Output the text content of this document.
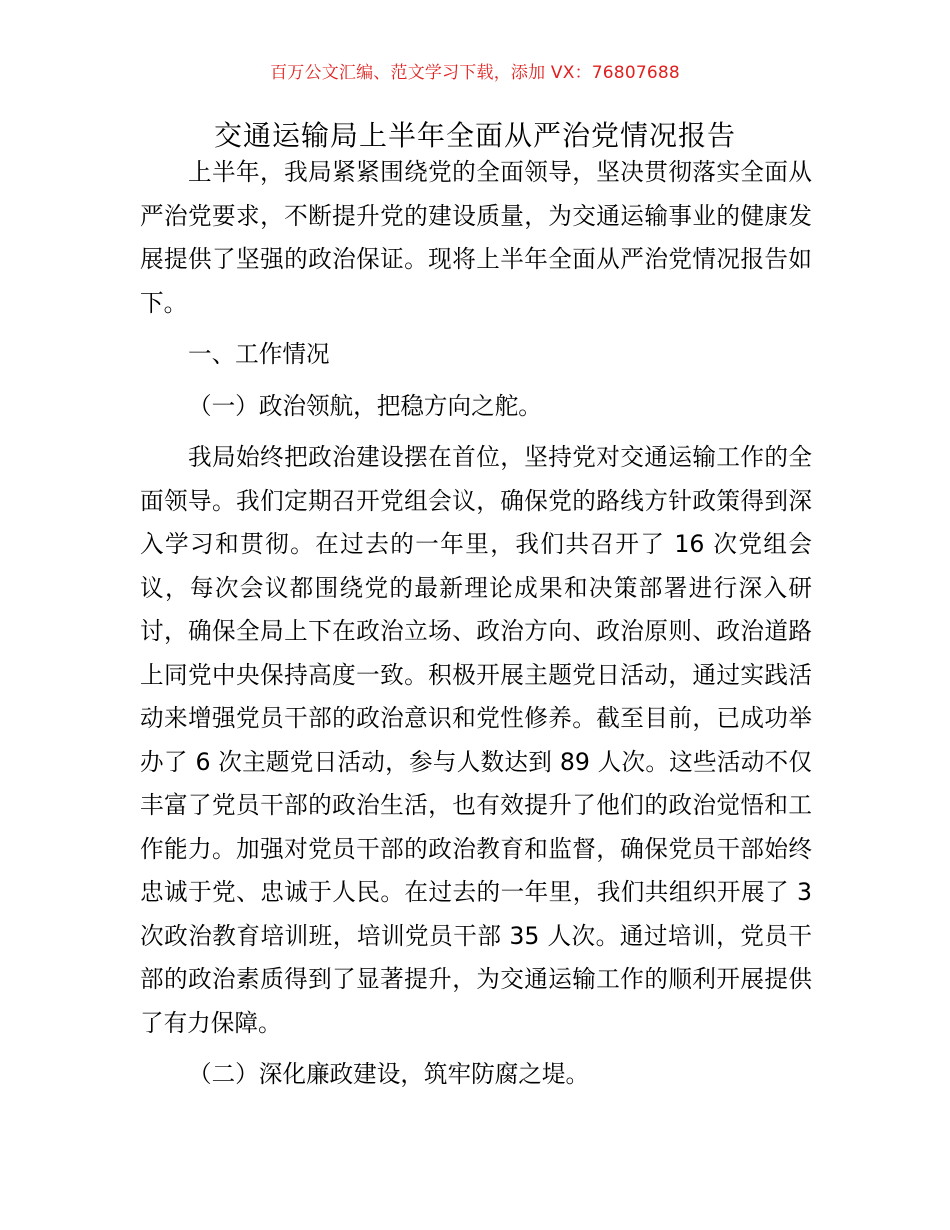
百万公文汇编、范文学习下载，添加 VX：76807688
交通运输局上半年全面从严治党情况报告

上半年，我局紧紧围绕党的全面领导，坚决贯彻落实全面从严治党要求，不断提升党的建设质量，为交通运输事业的健康发展提供了坚强的政治保证。现将上半年全面从严治党情况报告如下。

一、工作情况

（一）政治领航，把稳方向之舵。

我局始终把政治建设摆在首位，坚持党对交通运输工作的全面领导。我们定期召开党组会议，确保党的路线方针政策得到深入学习和贯彻。在过去的一年里，我们共召开了 16 次党组会议，每次会议都围绕党的最新理论成果和决策部署进行深入研讨，确保全局上下在政治立场、政治方向、政治原则、政治道路上同党中央保持高度一致。积极开展主题党日活动，通过实践活动来增强党员干部的政治意识和党性修养。截至目前，已成功举办了 6 次主题党日活动，参与人数达到 89 人次。这些活动不仅丰富了党员干部的政治生活，也有效提升了他们的政治觉悟和工作能力。加强对党员干部的政治教育和监督，确保党员干部始终忠诚于党、忠诚于人民。在过去的一年里，我们共组织开展了 3 次政治教育培训班，培训党员干部 35 人次。通过培训，党员干部的政治素质得到了显著提升，为交通运输工作的顺利开展提供了有力保障。

（二）深化廉政建设，筑牢防腐之堤。
